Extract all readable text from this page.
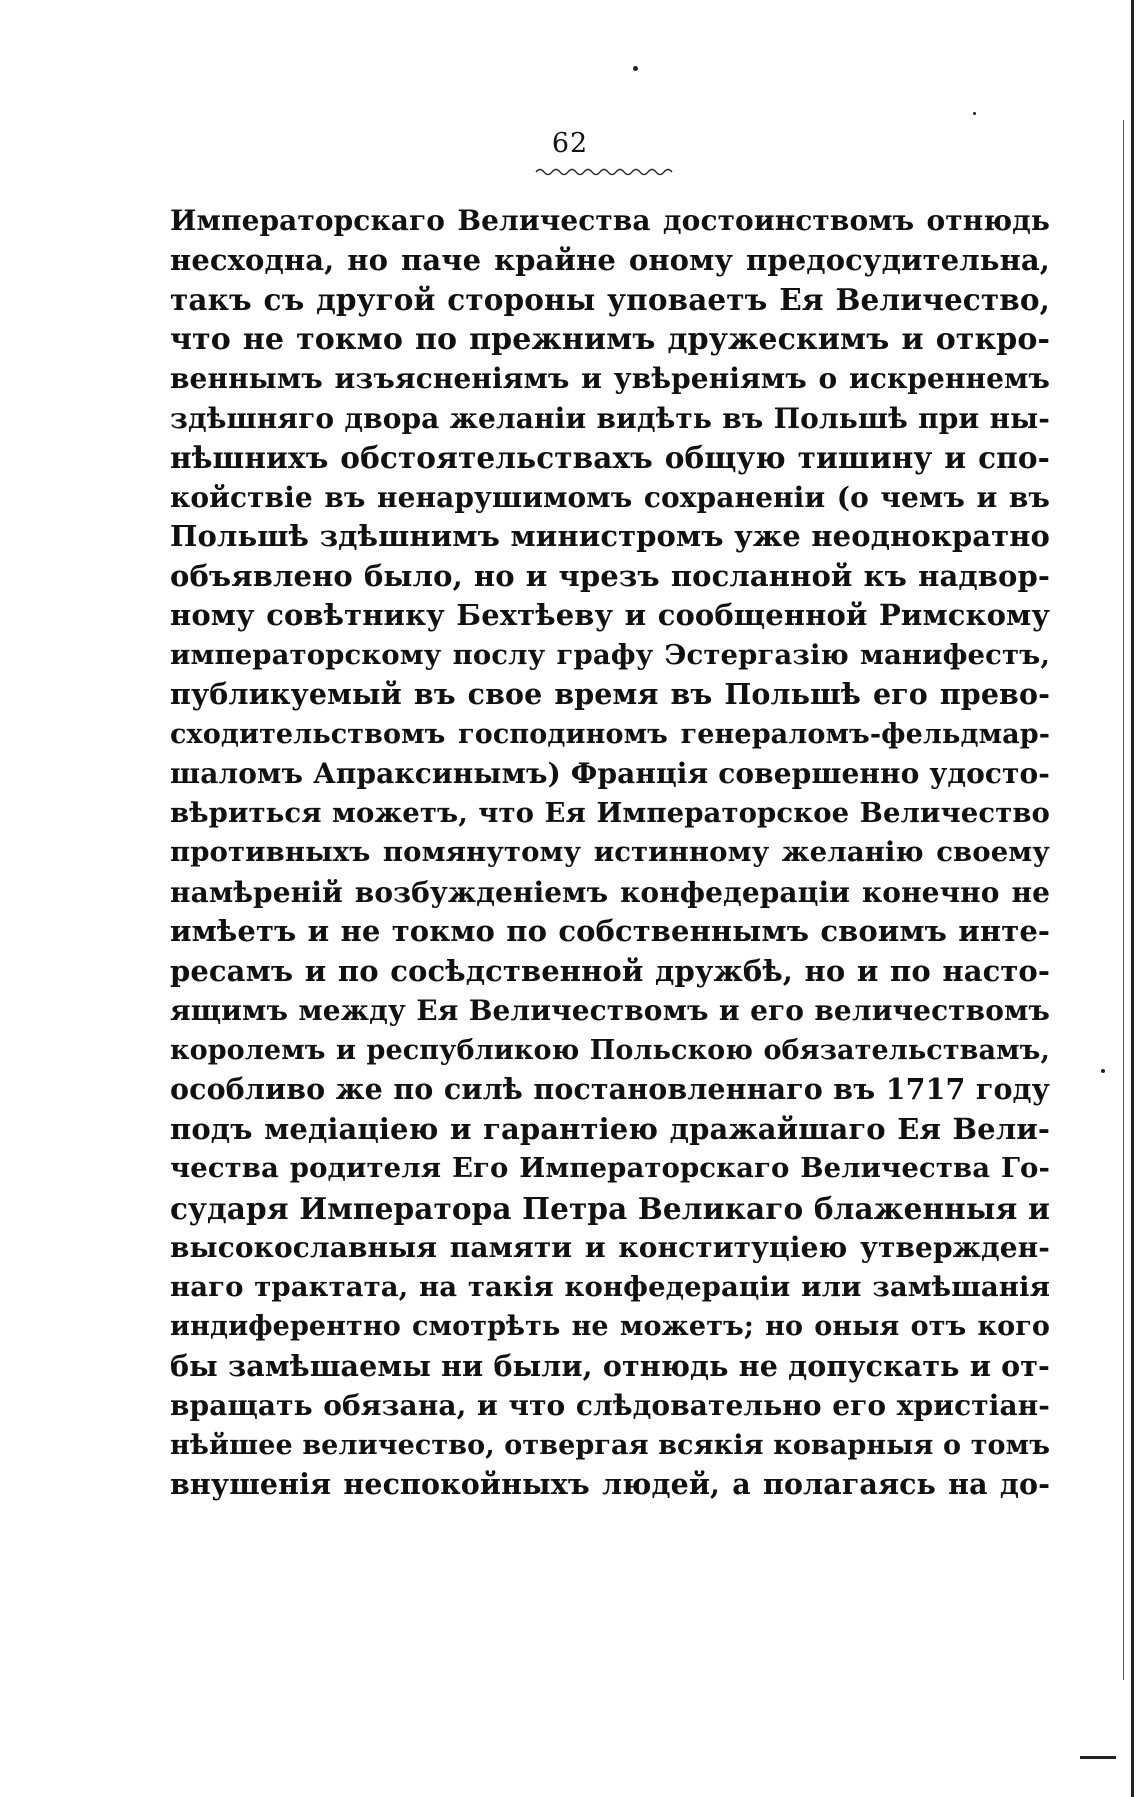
62
Императорскаго Величества достоинствомъ отнюдь
несходна, но паче крайне оному предосудительна,
такъ съ другой стороны уповаетъ Ея Величество,
что не токмо по прежнимъ дружескимъ и откро-
веннымъ изъясненіямъ и увѣреніямъ о искреннемъ
здѣшняго двора желаніи видѣть въ Польшѣ при ны-
нѣшнихъ обстоятельствахъ общую тишину и спо-
койствіе въ ненарушимомъ сохраненіи (о чемъ и въ
Польшѣ здѣшнимъ министромъ уже неоднократно
объявлено было, но и чрезъ посланной къ надвор-
ному совѣтнику Бехтѣеву и сообщенной Римскому
императорскому послу графу Эстергазію манифестъ,
публикуемый въ свое время въ Польшѣ его прево-
сходительствомъ господиномъ генераломъ-фельдмар-
шаломъ Апраксинымъ) Франція совершенно удосто-
вѣриться можетъ, что Ея Императорское Величество
противныхъ помянутому истинному желанію своему
намѣреній возбужденіемъ конфедераціи конечно не
имѣетъ и не токмо по собственнымъ своимъ инте-
ресамъ и по сосѣдственной дружбѣ, но и по насто-
ящимъ между Ея Величествомъ и его величествомъ
королемъ и республикою Польскою обязательствамъ,
особливо же по силѣ постановленнаго въ 1717 году
подъ медіаціею и гарантіею дражайшаго Ея Вели-
чества родителя Его Императорскаго Величества Го-
сударя Императора Петра Великаго блаженныя и
высокославныя памяти и конституціею утвержден-
наго трактата, на такія конфедераціи или замѣшанія
индиферентно смотрѣть не можетъ; но оныя отъ кого
бы замѣшаемы ни были, отнюдь не допускать и от-
вращать обязана, и что слѣдовательно его христіан-
нѣйшее величество, отвергая всякія коварныя о томъ
внушенія неспокойныхъ людей, а полагаясь на до-
